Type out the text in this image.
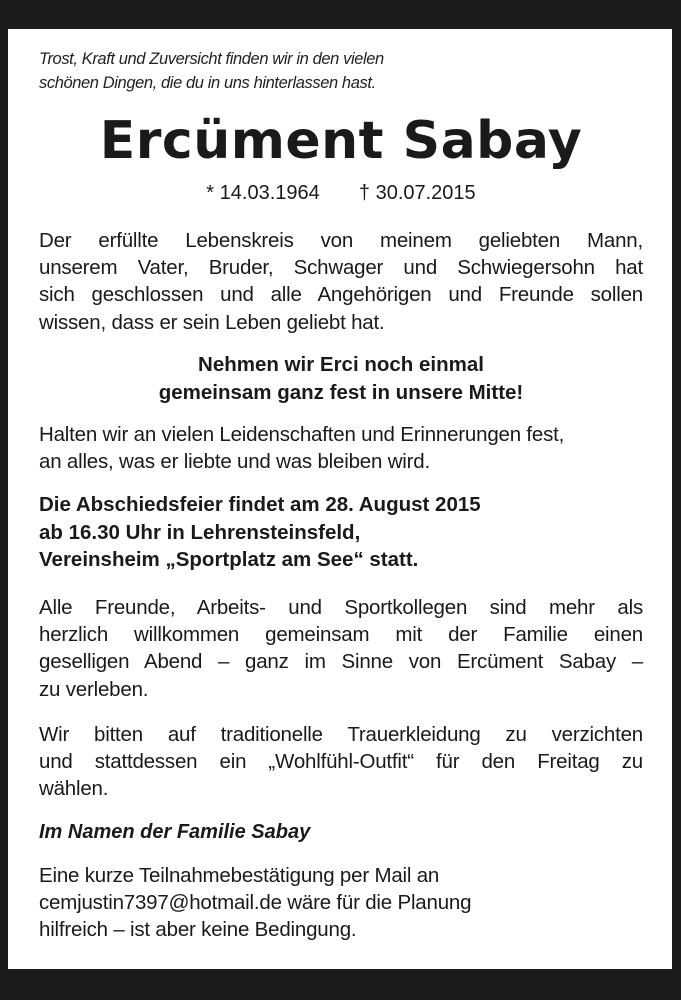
Trost, Kraft und Zuversicht finden wir in den vielen
schönen Dingen, die du in uns hinterlassen hast.
Ercüment Sabay
* 14.03.1964 † 30.07.2015
Der erfüllte Lebenskreis von meinem geliebten Mann,
unserem Vater, Bruder, Schwager und Schwiegersohn hat
sich geschlossen und alle Angehörigen und Freunde sollen
wissen, dass er sein Leben geliebt hat.
Nehmen wir Erci noch einmal
gemeinsam ganz fest in unsere Mitte!
Halten wir an vielen Leidenschaften und Erinnerungen fest,
an alles, was er liebte und was bleiben wird.
Die Abschiedsfeier findet am 28. August 2015
ab 16.30 Uhr in Lehrensteinsfeld,
Vereinsheim „Sportplatz am See“ statt.
Alle Freunde, Arbeits- und Sportkollegen sind mehr als
herzlich willkommen gemeinsam mit der Familie einen
geselligen Abend – ganz im Sinne von Ercüment Sabay –
zu verleben.
Wir bitten auf traditionelle Trauerkleidung zu verzichten
und stattdessen ein „Wohlfühl-Outfit“ für den Freitag zu
wählen.
Im Namen der Familie Sabay
Eine kurze Teilnahmebestätigung per Mail an
cemjustin7397@hotmail.de wäre für die Planung
hilfreich – ist aber keine Bedingung.
